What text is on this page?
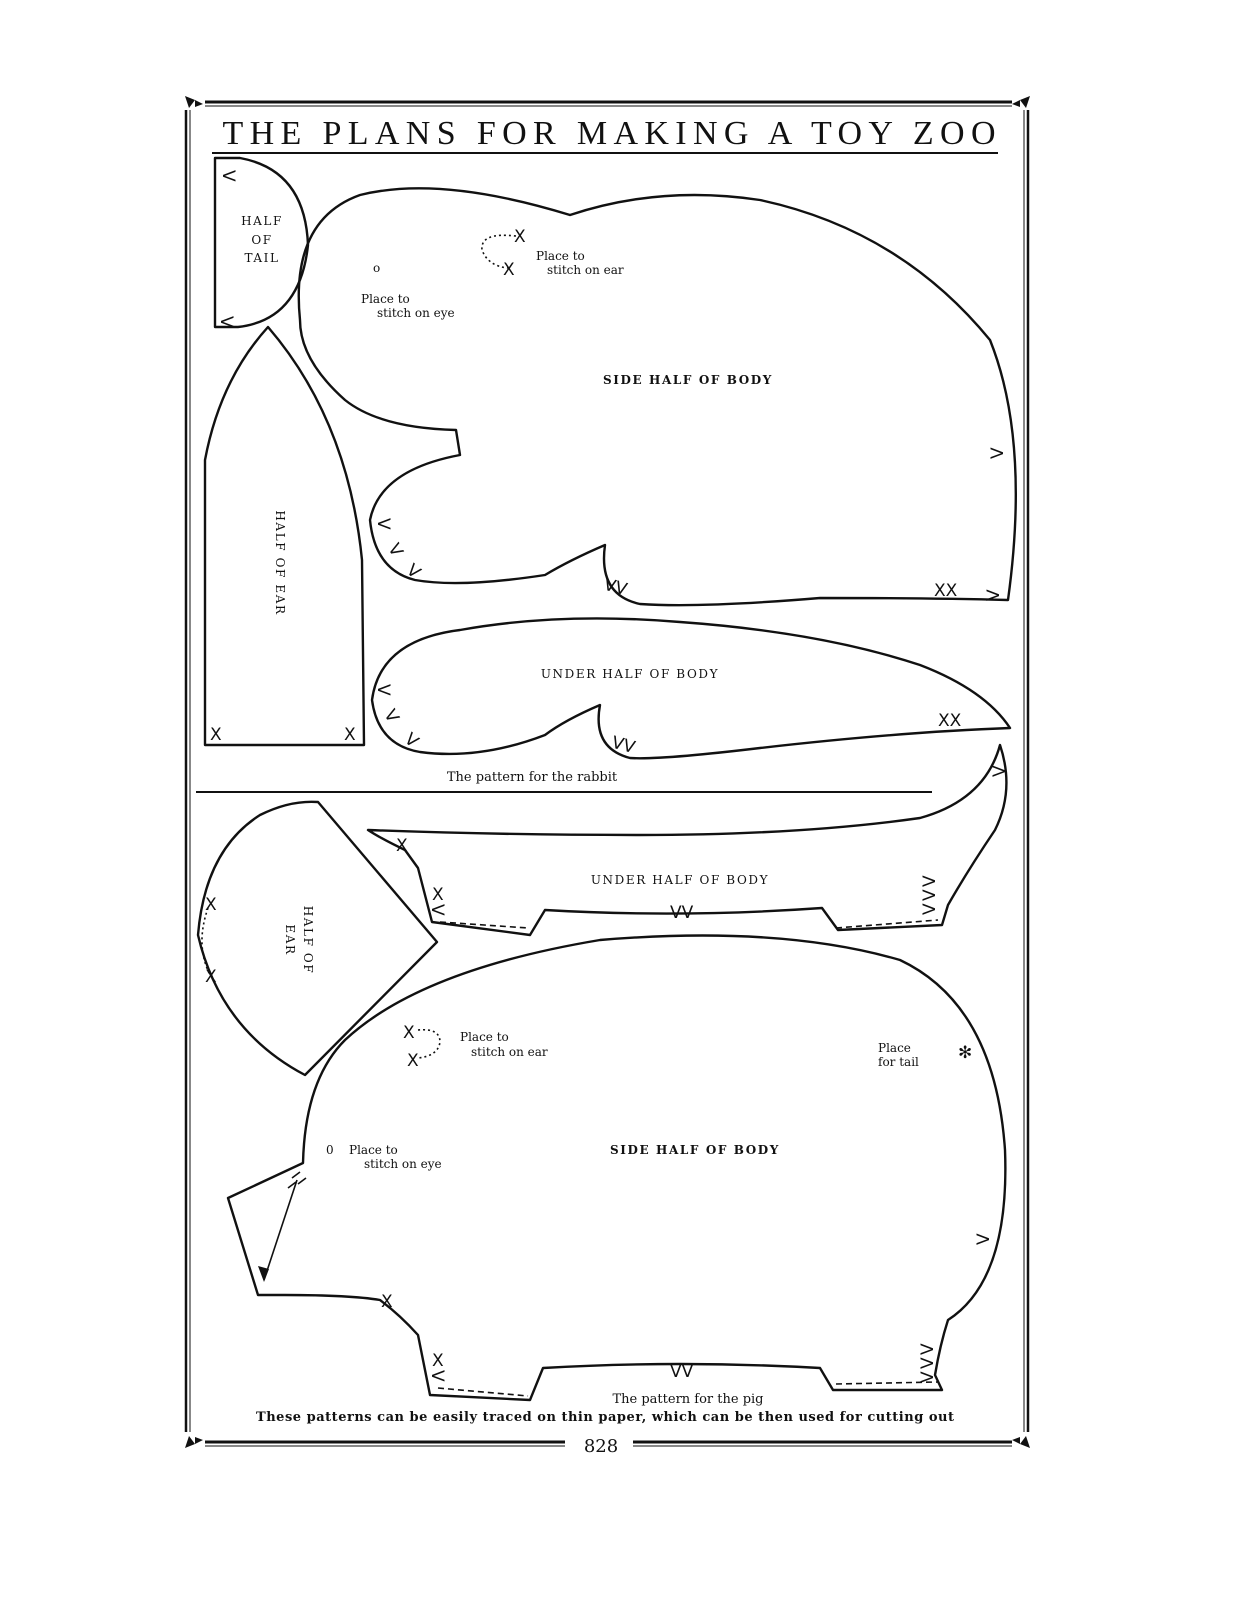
THE PLANS FOR MAKING A TOY ZOO
HALF
OF
TAIL
V
V
HALF OF EAR
X	X
o
Place to
stitch on eye
X
X
Place to
stitch on ear
SIDE HALF OF BODY
V
V
V
V
VV	XX V
UNDER HALF OF BODY
V
V
V	VV
XX
The pattern for the rabbit
X
X
HALF OF
EAR
UNDER HALF OF BODY
X
X
V	VV
V
V
V
V
0 Place to
stitch on eye
X
X
Place to
stitch on ear	Place
for tail ✻
SIDE HALF OF BODY
V
X
X
V	VV
V
V
V
The pattern for the pig
These patterns can be easily traced on thin paper, which can be then used for cutting out
828
